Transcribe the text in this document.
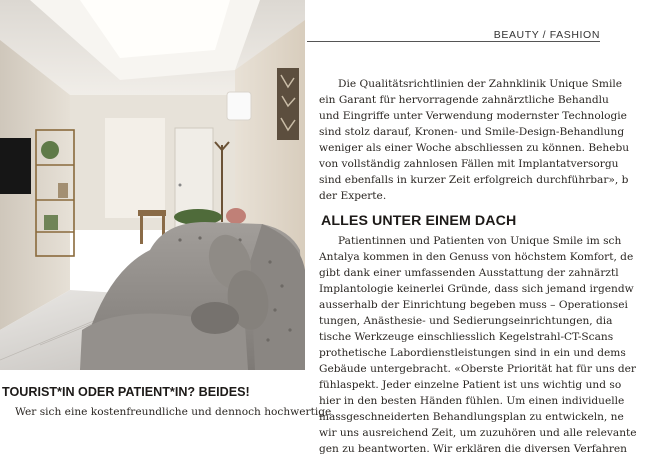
BEAUTY / FASHION
Die Qualitätsrichtlinien der Zahnklinik Unique Smile
ein Garant für hervorragende zahnärztliche Behandlu
und Eingriffe unter Verwendung modernster Technologie
sind stolz darauf, Kronen- und Smile-Design-Behandlung
weniger als einer Woche abschliessen zu können. Behebu
von vollständig zahnlosen Fällen mit Implantatversorgu
sind ebenfalls in kurzer Zeit erfolgreich durchführbar», b
der Experte.
ALLES UNTER EINEM DACH
Patientinnen und Patienten von Unique Smile im sch
Antalya kommen in den Genuss von höchstem Komfort, de
gibt dank einer umfassenden Ausstattung der zahnärztl
Implantologie keinerlei Gründe, dass sich jemand irgendw
ausserhalb der Einrichtung begeben muss – Operationsei
tungen, Anästhesie- und Sedierungseinrichtungen, dia
tische Werkzeuge einschliesslich Kegelstrahl-CT-Scans
prothetische Labordienstleistungen sind in ein und dems
Gebäude untergebracht. «Oberste Priorität hat für uns der
fühlaspekt. Jeder einzelne Patient ist uns wichtig und so
hier in den besten Händen fühlen. Um einen individuelle
massgeschneiderten Behandlungsplan zu entwickeln, ne
wir uns ausreichend Zeit, um zuzuhören und alle relevante
gen zu beantworten. Wir erklären die diversen Verfahren
TOURIST*IN ODER PATIENT*IN? BEIDES!
Wer sich eine kostenfreundliche und dennoch hochwertige
